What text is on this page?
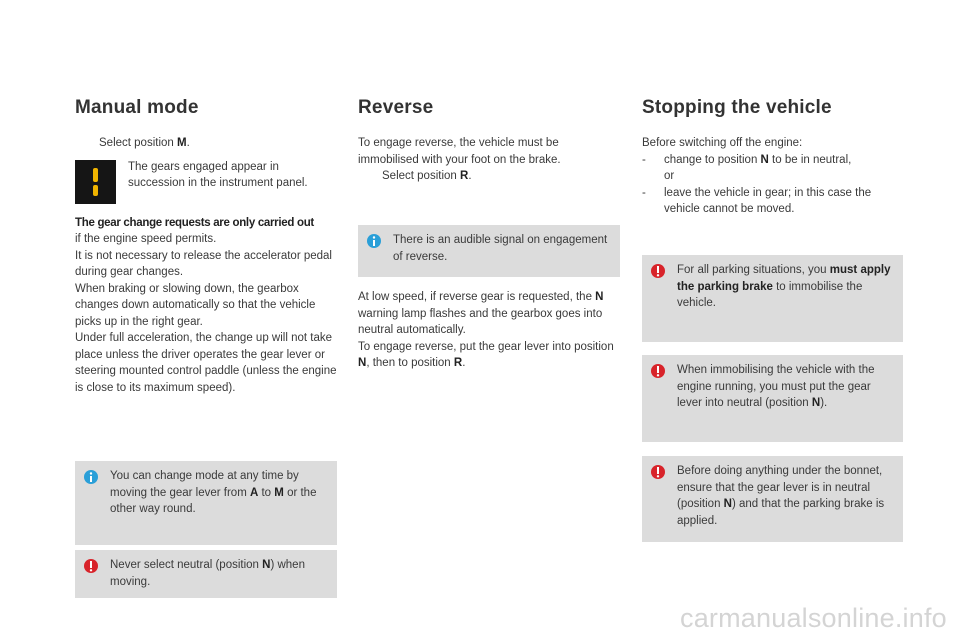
Manual mode

Select position M.

The gears engaged appear in succession in the instrument panel.

The gear change requests are only carried out

if the engine speed permits.

It is not necessary to release the accelerator pedal during gear changes.

When braking or slowing down, the gearbox changes down automatically so that the vehicle picks up in the right gear.

Under full acceleration, the change up will not take place unless the driver operates the gear lever or steering mounted control paddle (unless the engine is close to its maximum speed).

You can change mode at any time by moving the gear lever from A to M or the other way round.

Never select neutral (position N) when moving.

Reverse

To engage reverse, the vehicle must be immobilised with your foot on the brake.

Select position R.

There is an audible signal on engagement of reverse.

At low speed, if reverse gear is requested, the N warning lamp flashes and the gearbox goes into neutral automatically.

To engage reverse, put the gear lever into position N, then to position R.

Stopping the vehicle

Before switching off the engine:

- change to position N to be in neutral,

or

- leave the vehicle in gear; in this case the vehicle cannot be moved.

For all parking situations, you must apply the parking brake to immobilise the vehicle.

When immobilising the vehicle with the engine running, you must put the gear lever into neutral (position N).

Before doing anything under the bonnet, ensure that the gear lever is in neutral (position N) and that the parking brake is applied.

carmanualsonline.info
